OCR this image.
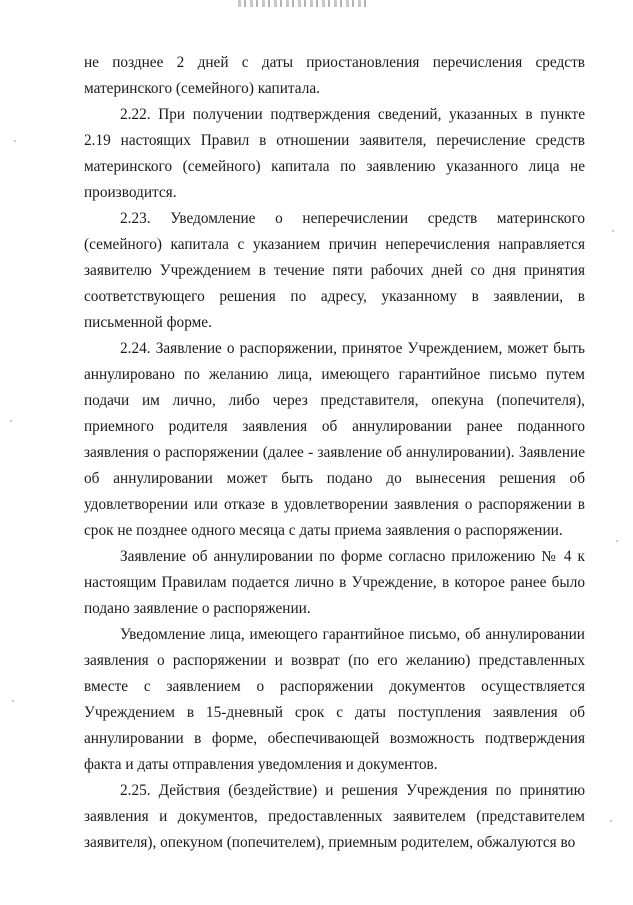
не позднее 2 дней с даты приостановления перечисления средств материнского (семейного) капитала.

2.22. При получении подтверждения сведений, указанных в пункте 2.19 настоящих Правил в отношении заявителя, перечисление средств материнского (семейного) капитала по заявлению указанного лица не производится.

2.23. Уведомление о неперечислении средств материнского (семейного) капитала с указанием причин неперечисления направляется заявителю Учреждением в течение пяти рабочих дней со дня принятия соответствующего решения по адресу, указанному в заявлении, в письменной форме.

2.24. Заявление о распоряжении, принятое Учреждением, может быть аннулировано по желанию лица, имеющего гарантийное письмо путем подачи им лично, либо через представителя, опекуна (попечителя), приемного родителя заявления об аннулировании ранее поданного заявления о распоряжении (далее - заявление об аннулировании). Заявление об аннулировании может быть подано до вынесения решения об удовлетворении или отказе в удовлетворении заявления о распоряжении в срок не позднее одного месяца с даты приема заявления о распоряжении.

Заявление об аннулировании по форме согласно приложению № 4 к настоящим Правилам подается лично в Учреждение, в которое ранее было подано заявление о распоряжении.

Уведомление лица, имеющего гарантийное письмо, об аннулировании заявления о распоряжении и возврат (по его желанию) представленных вместе с заявлением о распоряжении документов осуществляется Учреждением в 15-дневный срок с даты поступления заявления об аннулировании в форме, обеспечивающей возможность подтверждения факта и даты отправления уведомления и документов.

2.25. Действия (бездействие) и решения Учреждения по принятию заявления и документов, предоставленных заявителем (представителем заявителя), опекуном (попечителем), приемным родителем, обжалуются во
